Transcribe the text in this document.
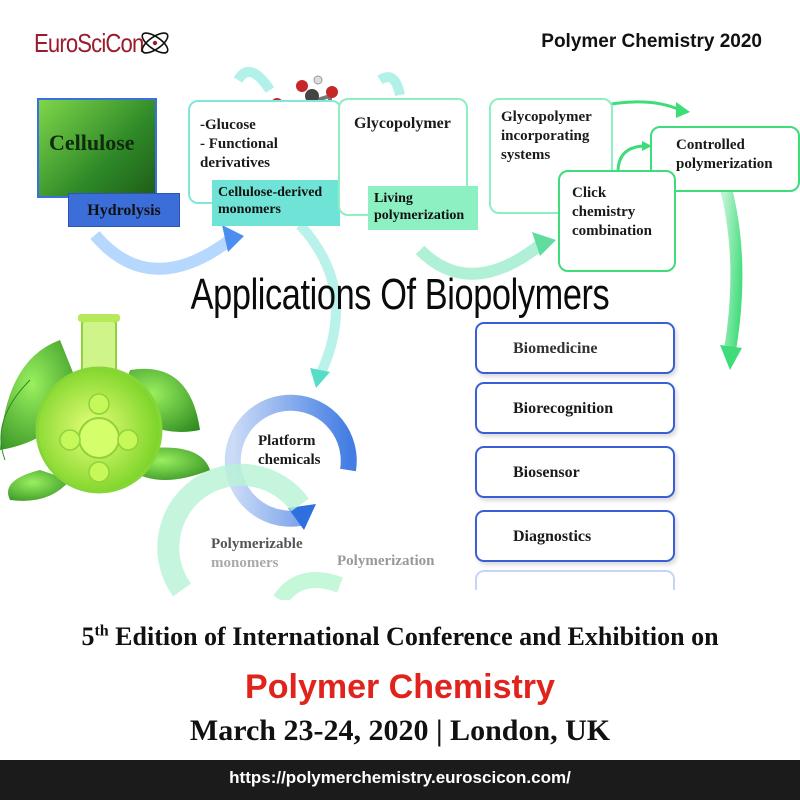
EuroSciCon	Polymer Chemistry 2020
Cellulose
Hydrolysis
-Glucose
- Functional
derivatives
Cellulose-derived
monomers
Glycopolymer
Living
polymerization
Glycopolymer
incorporating
systems
Controlled
polymerization
Click
chemistry
combination
Applications Of Biopolymers
Biomedicine
Biorecognition
Biosensor
Diagnostics
Platform
chemicals
Polymerizable
monomers	Polymerization
5th Edition of International Conference and Exhibition on
Polymer Chemistry
March 23-24, 2020 | London, UK
https://polymerchemistry.euroscicon.com/
